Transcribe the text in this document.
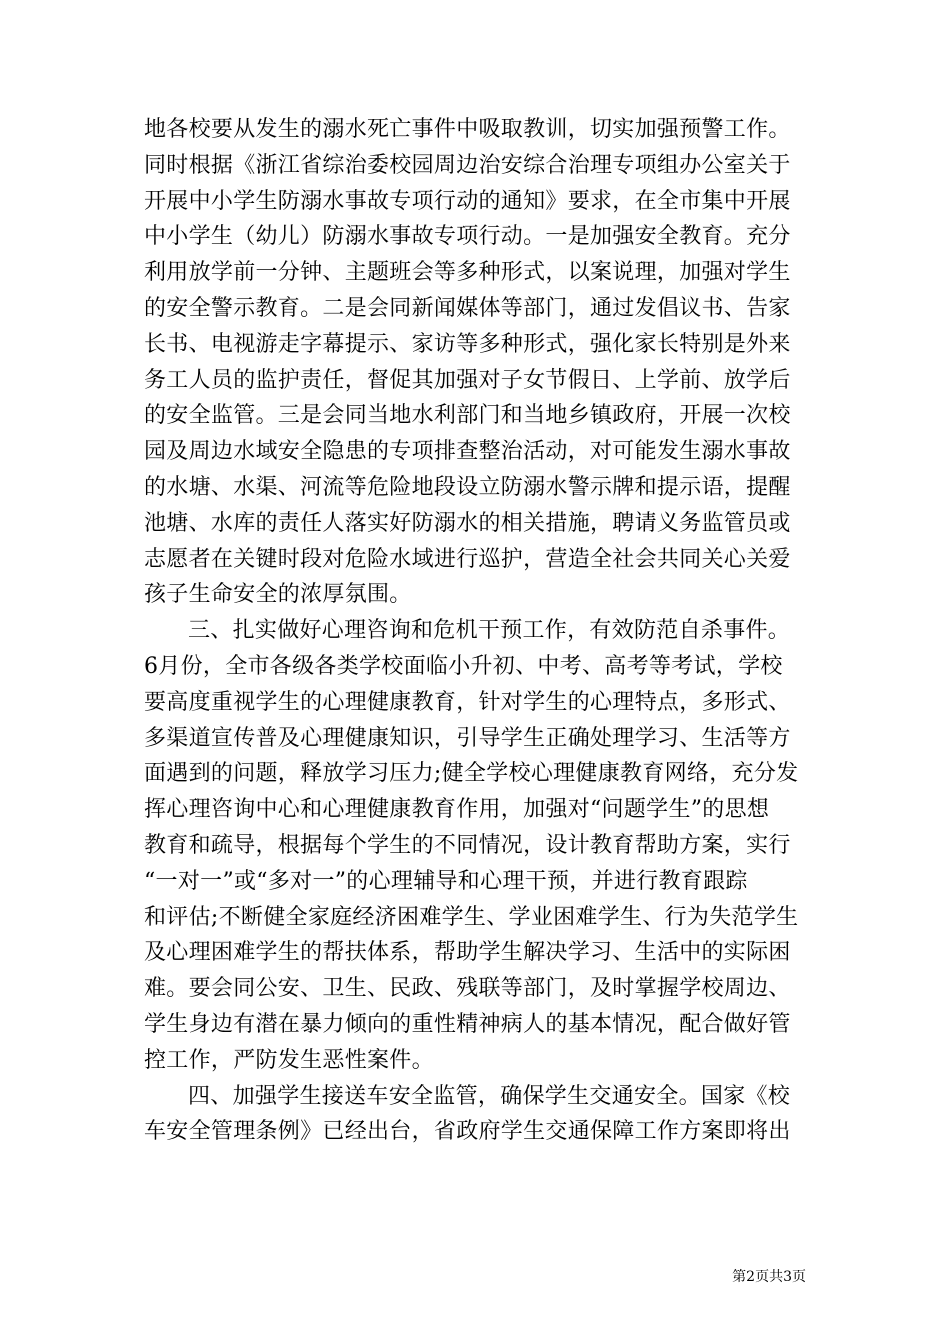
地各校要从发生的溺水死亡事件中吸取教训，切实加强预警工作。
同时根据《浙江省综治委校园周边治安综合治理专项组办公室关于
开展中小学生防溺水事故专项行动的通知》要求，在全市集中开展
中小学生（幼儿）防溺水事故专项行动。一是加强安全教育。充分
利用放学前一分钟、主题班会等多种形式，以案说理，加强对学生
的安全警示教育。二是会同新闻媒体等部门，通过发倡议书、告家
长书、电视游走字幕提示、家访等多种形式，强化家长特别是外来
务工人员的监护责任，督促其加强对子女节假日、上学前、放学后
的安全监管。三是会同当地水利部门和当地乡镇政府，开展一次校
园及周边水域安全隐患的专项排查整治活动，对可能发生溺水事故
的水塘、水渠、河流等危险地段设立防溺水警示牌和提示语，提醒
池塘、水库的责任人落实好防溺水的相关措施，聘请义务监管员或
志愿者在关键时段对危险水域进行巡护，营造全社会共同关心关爱
孩子生命安全的浓厚氛围。
三、扎实做好心理咨询和危机干预工作，有效防范自杀事件。
6月份，全市各级各类学校面临小升初、中考、高考等考试，学校
要高度重视学生的心理健康教育，针对学生的心理特点，多形式、
多渠道宣传普及心理健康知识，引导学生正确处理学习、生活等方
面遇到的问题，释放学习压力;健全学校心理健康教育网络，充分发
挥心理咨询中心和心理健康教育作用，加强对“问题学生”的思想
教育和疏导，根据每个学生的不同情况，设计教育帮助方案，实行
“一对一”或“多对一”的心理辅导和心理干预，并进行教育跟踪
和评估;不断健全家庭经济困难学生、学业困难学生、行为失范学生
及心理困难学生的帮扶体系，帮助学生解决学习、生活中的实际困
难。要会同公安、卫生、民政、残联等部门，及时掌握学校周边、
学生身边有潜在暴力倾向的重性精神病人的基本情况，配合做好管
控工作，严防发生恶性案件。
四、加强学生接送车安全监管，确保学生交通安全。国家《校
车安全管理条例》已经出台，省政府学生交通保障工作方案即将出
第2页共3页
